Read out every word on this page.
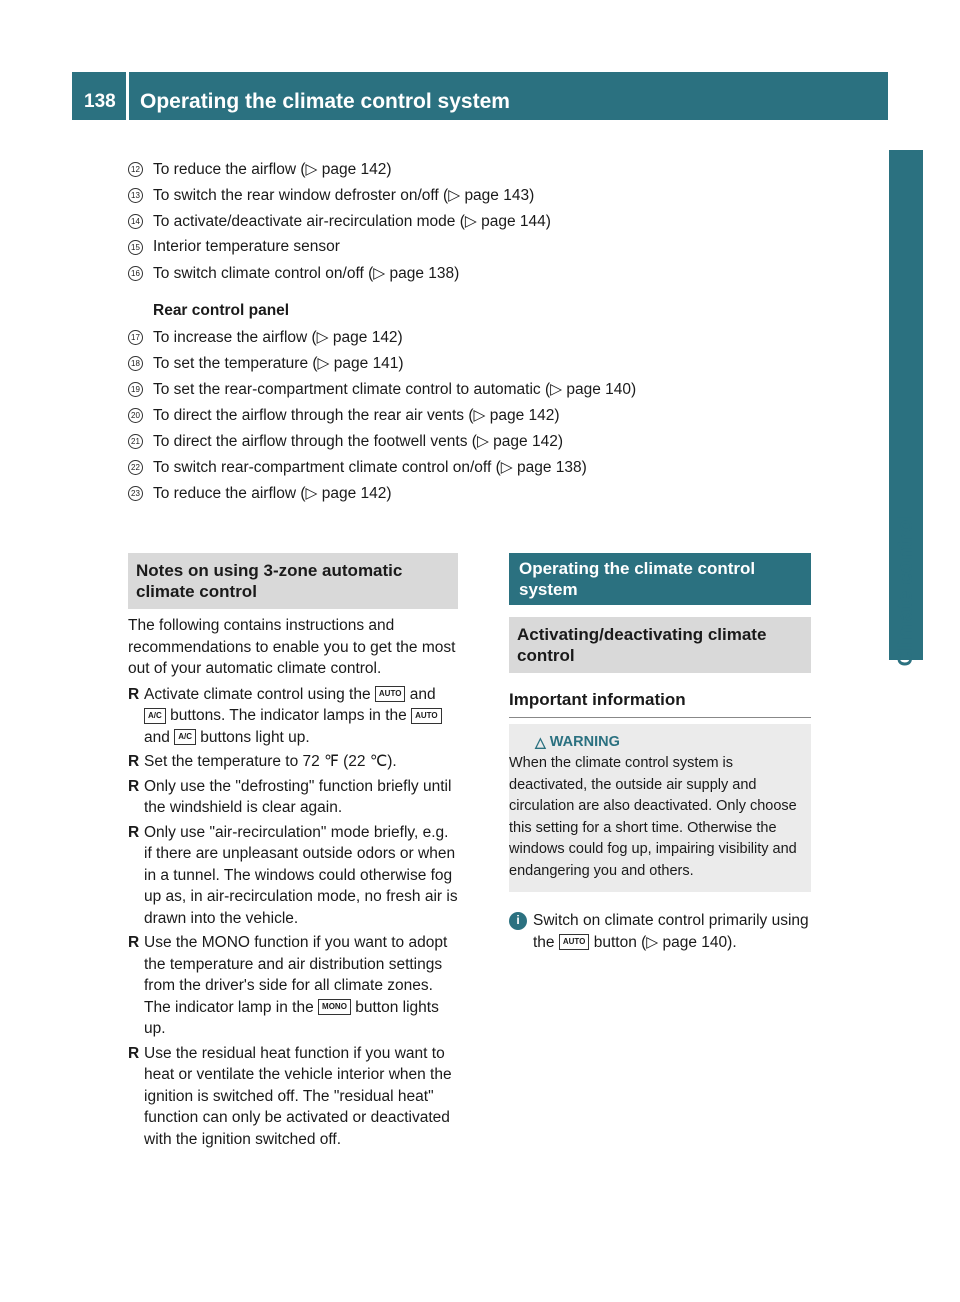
138	Operating the climate control system
Climate control
12 To reduce the airflow (▷ page 142)
13 To switch the rear window defroster on/off (▷ page 143)
14 To activate/deactivate air-recirculation mode (▷ page 144)
15 Interior temperature sensor
16 To switch climate control on/off (▷ page 138)
Rear control panel
17 To increase the airflow (▷ page 142)
18 To set the temperature (▷ page 141)
19 To set the rear-compartment climate control to automatic (▷ page 140)
20 To direct the airflow through the rear air vents (▷ page 142)
21 To direct the airflow through the footwell vents (▷ page 142)
22 To switch rear-compartment climate control on/off (▷ page 138)
23 To reduce the airflow (▷ page 142)
Notes on using 3-zone automatic climate control
The following contains instructions and recommendations to enable you to get the most out of your automatic climate control.
R Activate climate control using the AUTO and A/C buttons. The indicator lamps in the AUTO and A/C buttons light up.
R Set the temperature to 72 ℉ (22 ℃).
R Only use the "defrosting" function briefly until the windshield is clear again.
R Only use "air-recirculation" mode briefly, e.g. if there are unpleasant outside odors or when in a tunnel. The windows could otherwise fog up as, in air-recirculation mode, no fresh air is drawn into the vehicle.
R Use the MONO function if you want to adopt the temperature and air distribution settings from the driver's side for all climate zones. The indicator lamp in the MONO button lights up.
R Use the residual heat function if you want to heat or ventilate the vehicle interior when the ignition is switched off. The "residual heat" function can only be activated or deactivated with the ignition switched off.
Operating the climate control system
Activating/deactivating climate control
Important information
△ WARNING
When the climate control system is deactivated, the outside air supply and circulation are also deactivated. Only choose this setting for a short time. Otherwise the windows could fog up, impairing visibility and endangering you and others.
i Switch on climate control primarily using the AUTO button (▷ page 140).
